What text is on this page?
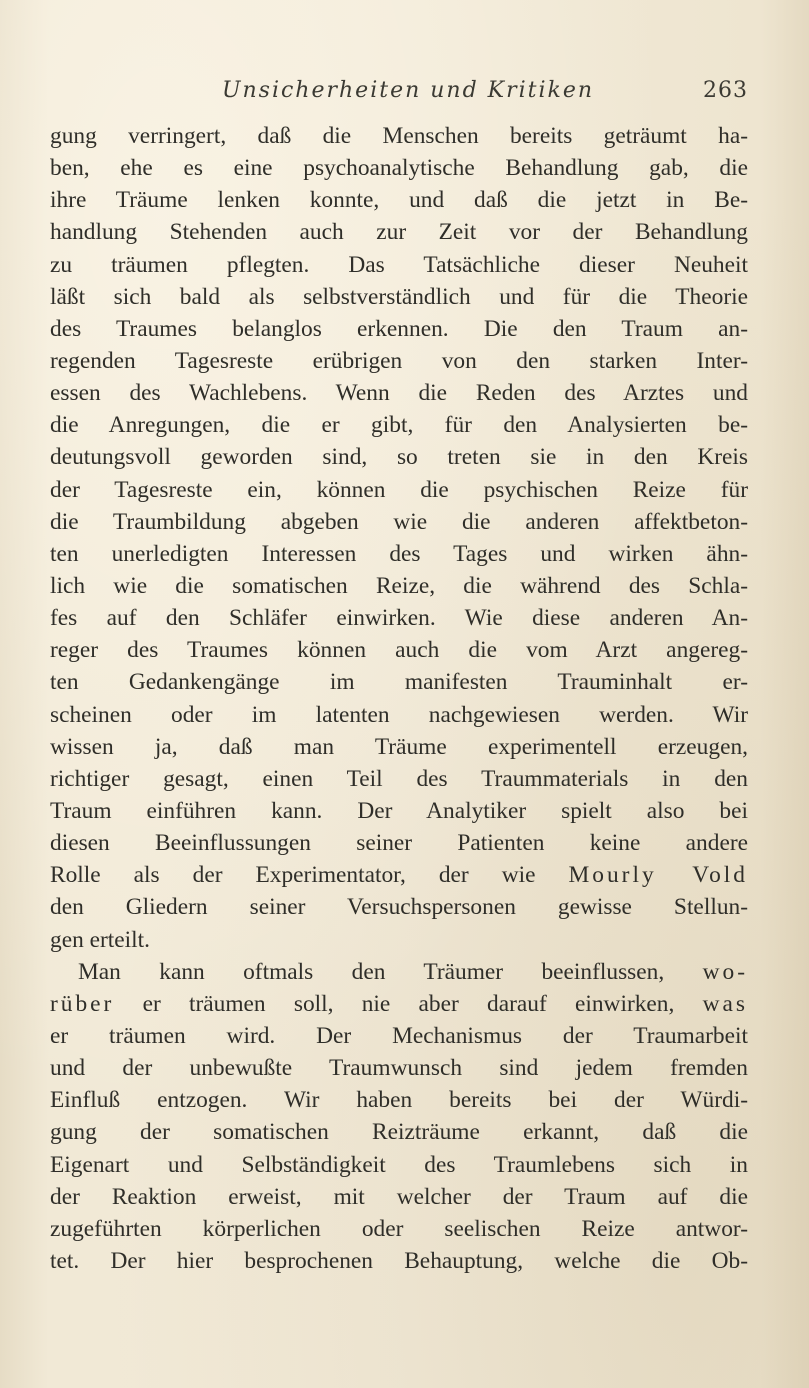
Unsicherheiten und Kritiken	263
gung verringert, daß die Menschen bereits geträumt ha-
ben, ehe es eine psychoanalytische Behandlung gab, die
ihre Träume lenken konnte, und daß die jetzt in Be-
handlung Stehenden auch zur Zeit vor der Behandlung
zu träumen pflegten. Das Tatsächliche dieser Neuheit
läßt sich bald als selbstverständlich und für die Theorie
des Traumes belanglos erkennen. Die den Traum an-
regenden Tagesreste erübrigen von den starken Inter-
essen des Wachlebens. Wenn die Reden des Arztes und
die Anregungen, die er gibt, für den Analysierten be-
deutungsvoll geworden sind, so treten sie in den Kreis
der Tagesreste ein, können die psychischen Reize für
die Traumbildung abgeben wie die anderen affektbeton-
ten unerledigten Interessen des Tages und wirken ähn-
lich wie die somatischen Reize, die während des Schla-
fes auf den Schläfer einwirken. Wie diese anderen An-
reger des Traumes können auch die vom Arzt angereg-
ten Gedankengänge im manifesten Trauminhalt er-
scheinen oder im latenten nachgewiesen werden. Wir
wissen ja, daß man Träume experimentell erzeugen,
richtiger gesagt, einen Teil des Traummaterials in den
Traum einführen kann. Der Analytiker spielt also bei
diesen Beeinflussungen seiner Patienten keine andere
Rolle als der Experimentator, der wie Mourly Vold
den Gliedern seiner Versuchspersonen gewisse Stellun-
gen erteilt.
Man kann oftmals den Träumer beeinflussen, wo-
rüber er träumen soll, nie aber darauf einwirken, was
er träumen wird. Der Mechanismus der Traumarbeit
und der unbewußte Traumwunsch sind jedem fremden
Einfluß entzogen. Wir haben bereits bei der Würdi-
gung der somatischen Reizträume erkannt, daß die
Eigenart und Selbständigkeit des Traumlebens sich in
der Reaktion erweist, mit welcher der Traum auf die
zugeführten körperlichen oder seelischen Reize antwor-
tet. Der hier besprochenen Behauptung, welche die Ob-
